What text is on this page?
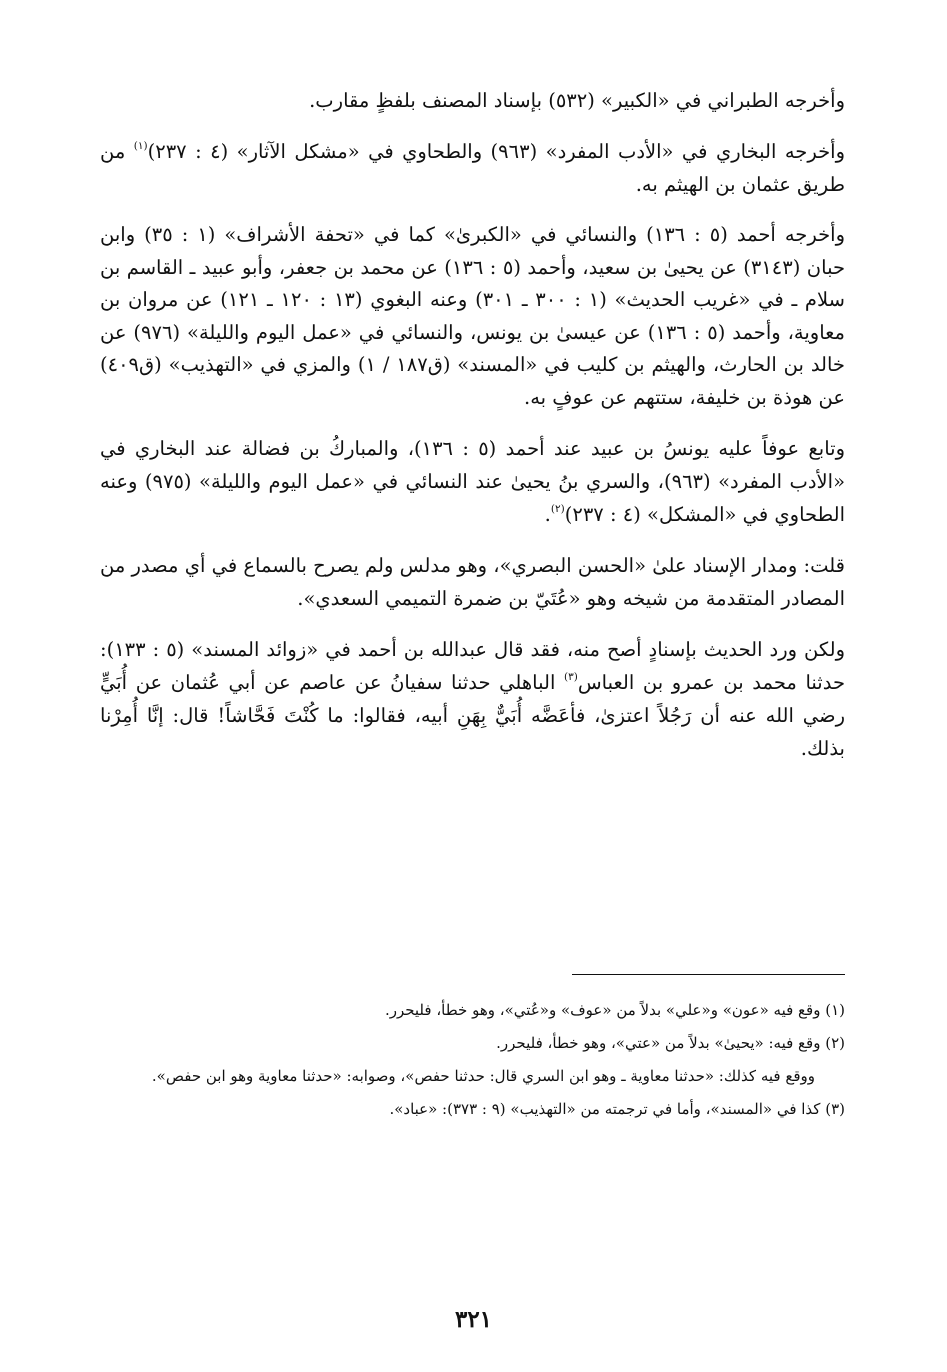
وأخرجه الطبراني في «الكبير» (٥٣٢) بإسناد المصنف بلفظٍ مقارب.

وأخرجه البخاري في «الأدب المفرد» (٩٦٣) والطحاوي في «مشكل الآثار» (٤ : ٢٣٧)$^{(١)}$ من طريق عثمان بن الهيثم به.

وأخرجه أحمد (٥ : ١٣٦) والنسائي في «الكبرىٰ» كما في «تحفة الأشراف» (١ : ٣٥) وابن حبان (٣١٤٣) عن يحيىٰ بن سعيد، وأحمد (٥ : ١٣٦) عن محمد بن جعفر، وأبو عبيد ـ القاسم بن سلام ـ في «غريب الحديث» (١ : ٣٠٠ ـ ٣٠١) وعنه البغوي (١٣ : ١٢٠ ـ ١٢١) عن مروان بن معاوية، وأحمد (٥ : ١٣٦) عن عيسىٰ بن يونس، والنسائي في «عمل اليوم والليلة» (٩٧٦) عن خالد بن الحارث، والهيثم بن كليب في «المسند» (ق١٨٧ / ١) والمزي في «التهذيب» (ق٤٠٩) عن هوذة بن خليفة، ستتهم عن عوفٍ به.

وتابع عوفاً عليه يونسُ بن عبيد عند أحمد (٥ : ١٣٦)، والمباركُ بن فضالة عند البخاري في «الأدب المفرد» (٩٦٣)، والسري بنُ يحيىٰ عند النسائي في «عمل اليوم والليلة» (٩٧٥) وعنه الطحاوي في «المشكل» (٤ : ٢٣٧)$^{(٢)}$.

قلت: ومدار الإسناد علىٰ «الحسن البصري»، وهو مدلس ولم يصرح بالسماع في أي مصدر من المصادر المتقدمة من شيخه وهو «عُتَيّ بن ضمرة التميمي السعدي».

ولكن ورد الحديث بإسنادٍ أصح منه، فقد قال عبدالله بن أحمد في «زوائد المسند» (٥ : ١٣٣): حدثنا محمد بن عمرو بن العباس$^{(٣)}$ الباهلي حدثنا سفيانُ عن عاصم عن أبي عُثمان عن أُبَيٍّ رضي الله عنه أن رَجُلاً اعتزىٰ، فأعَضَّه أُبَيٌّ بِهَنِ أبيه، فقالوا: ما كُنْتَ فَحَّاشاً! قال: إنَّا أُمِرْنا بذلك.

(١) وقع فيه «عون» و«علي» بدلاً من «عوف» و«عُتي»، وهو خطأ، فليحرر.

(٢) وقع فيه: «يحيىٰ» بدلاً من «عتي»، وهو خطأ، فليحرر.

ووقع فيه كذلك: «حدثنا معاوية ـ وهو ابن السري قال: حدثنا حفص»، وصوابه: «حدثنا معاوية وهو ابن حفص».

(٣) كذا في «المسند»، وأما في ترجمته من «التهذيب» (٩ : ٣٧٣): «عباد».

٣٢١
